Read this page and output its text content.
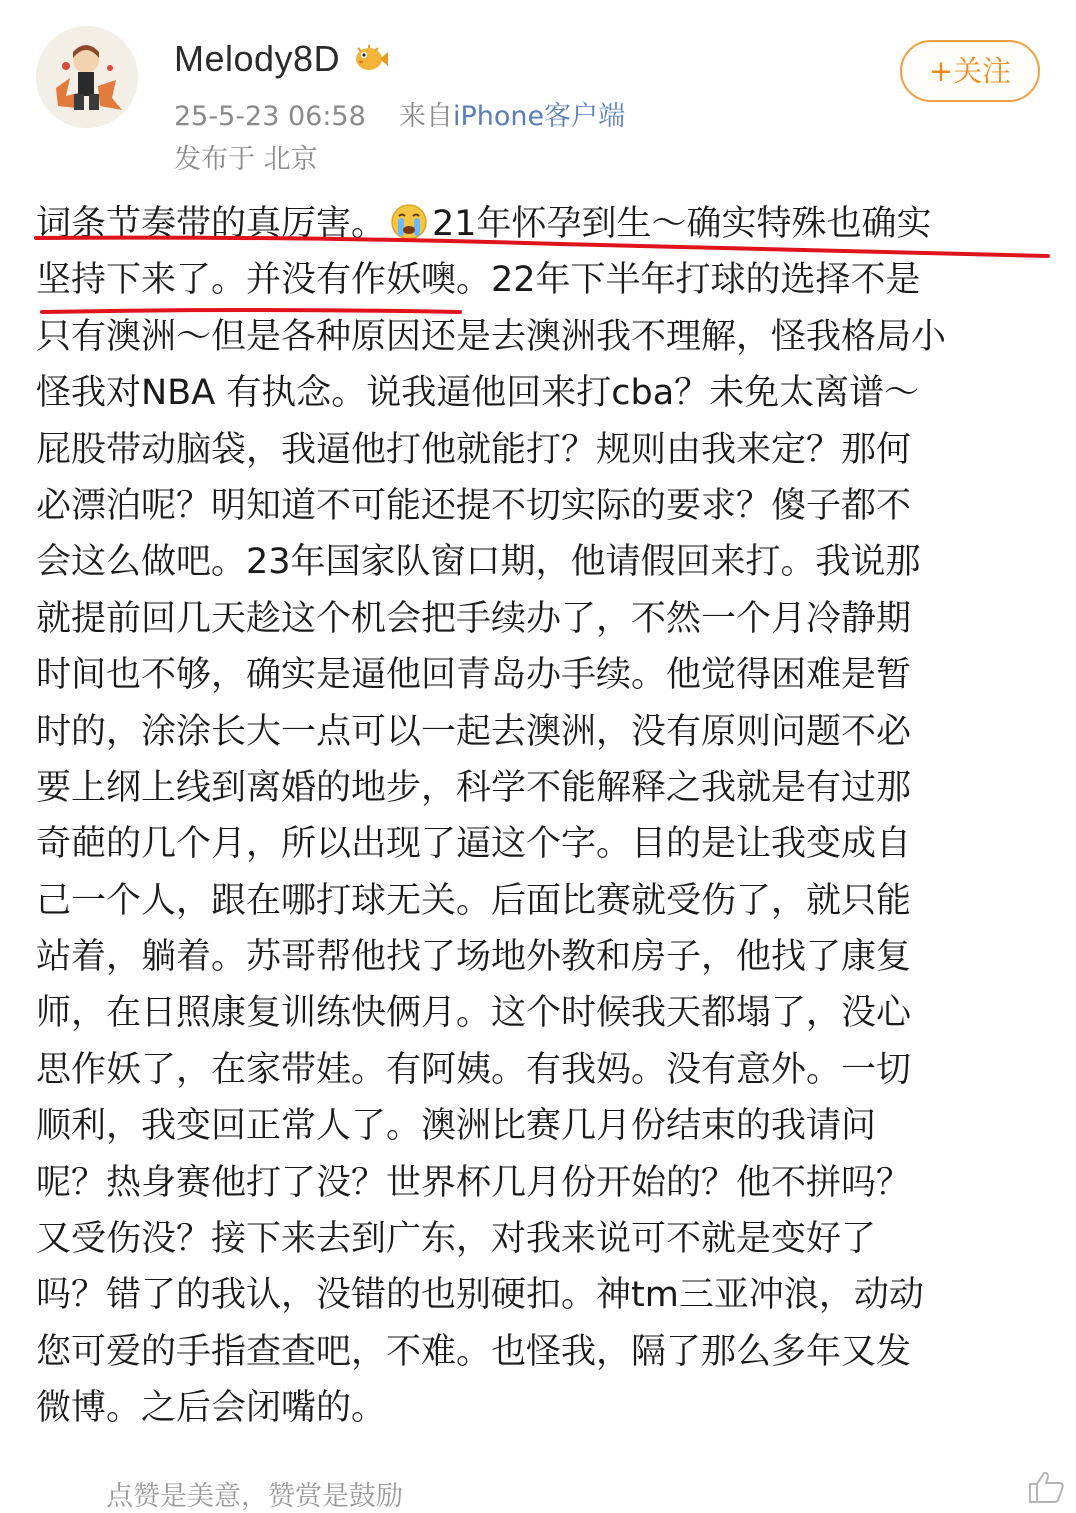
Melody8D
25-5-23 06:58 来自iPhone客户端
发布于 北京
+关注
词条节奏带的真厉害。 21年怀孕到生～确实特殊也确实
坚持下来了。并没有作妖噢。22年下半年打球的选择不是
只有澳洲～但是各种原因还是去澳洲我不理解，怪我格局小
怪我对NBA 有执念。说我逼他回来打cba？未免太离谱～
屁股带动脑袋，我逼他打他就能打？规则由我来定？那何
必漂泊呢？明知道不可能还提不切实际的要求？傻子都不
会这么做吧。23年国家队窗口期，他请假回来打。我说那
就提前回几天趁这个机会把手续办了，不然一个月冷静期
时间也不够，确实是逼他回青岛办手续。他觉得困难是暂
时的，涂涂长大一点可以一起去澳洲，没有原则问题不必
要上纲上线到离婚的地步，科学不能解释之我就是有过那
奇葩的几个月，所以出现了逼这个字。目的是让我变成自
己一个人，跟在哪打球无关。后面比赛就受伤了，就只能
站着，躺着。苏哥帮他找了场地外教和房子，他找了康复
师，在日照康复训练快俩月。这个时候我天都塌了，没心
思作妖了，在家带娃。有阿姨。有我妈。没有意外。一切
顺利，我变回正常人了。澳洲比赛几月份结束的我请问
呢？热身赛他打了没？世界杯几月份开始的？他不拼吗？
又受伤没？接下来去到广东，对我来说可不就是变好了
吗？错了的我认，没错的也别硬扣。神tm三亚冲浪，动动
您可爱的手指查查吧，不难。也怪我，隔了那么多年又发
微博。之后会闭嘴的。
点赞是美意，赞赏是鼓励
